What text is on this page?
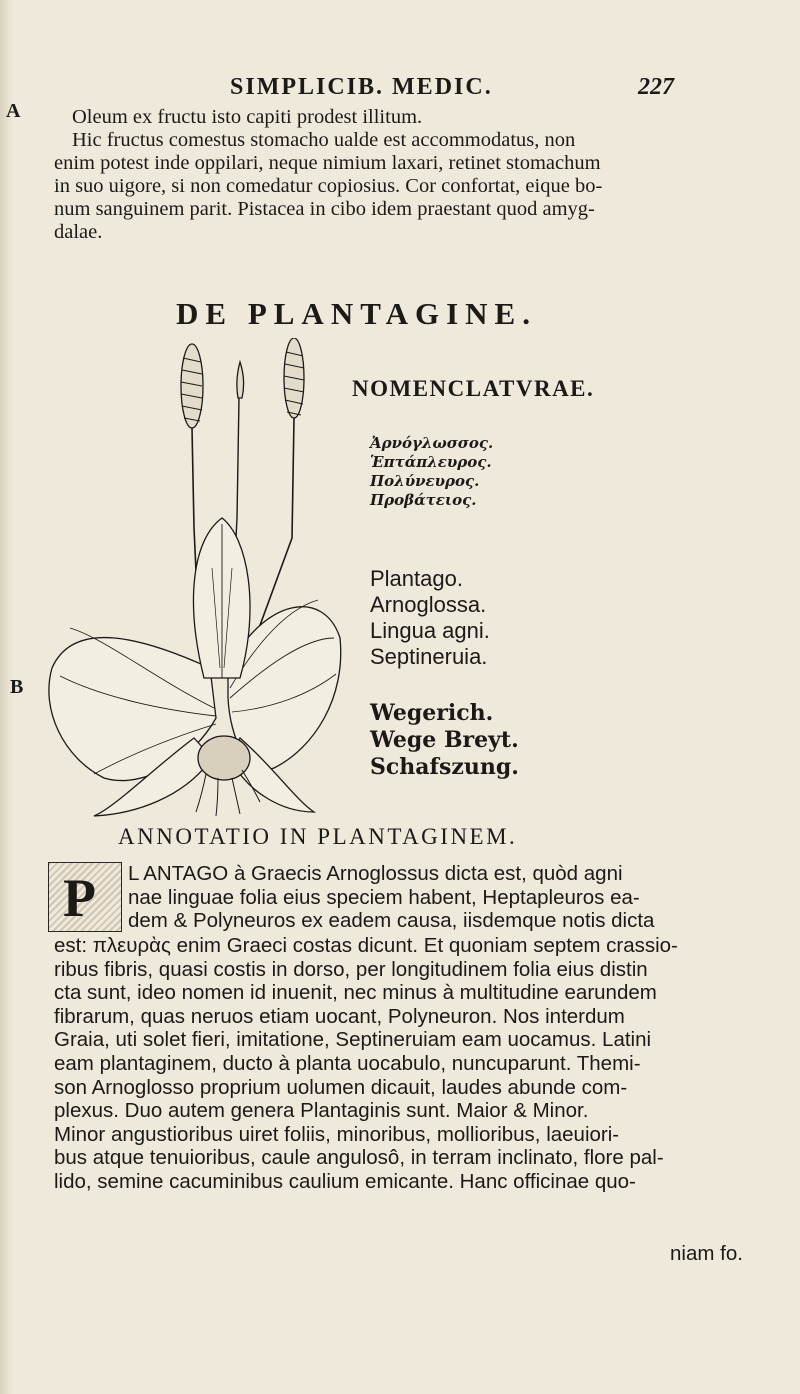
A
B
SIMPLICIB. MEDIC.	227

Oleum ex fructu isto capiti prodest illitum.

Hic fructus comestus stomacho ualde est accommodatus, non

enim potest inde oppilari, neque nimium laxari, retinet stomachum

in suo uigore, si non comedatur copiosius. Cor confortat, eique bo-

num sanguinem parit. Pistacea in cibo idem praestant quod amyg-

dalae.

DE PLANTAGINE.
NOMENCLATVRAE.
Ἀρνόγλωσσος.
Ἑπτάπλευρος.
Πολύνευρος.
Προβάτειος.
Plantago.
Arnoglossa.
Lingua agni.
Septineruia.
Wegerich.
Wege Breyt.
Schafszung.
ANNOTATIO IN PLANTAGINEM.
P L ANTAGO à Graecis Arnoglossus dicta est, quòd agni

nae linguae folia eius speciem habent, Heptapleuros ea-

dem & Polyneuros ex eadem causa, iisdemque notis dicta

est: πλευρὰς enim Graeci costas dicunt. Et quoniam septem crassio-

ribus fibris, quasi costis in dorso, per longitudinem folia eius distin

cta sunt, ideo nomen id inuenit, nec minus à multitudine earundem

fibrarum, quas neruos etiam uocant, Polyneuron. Nos interdum

Graia, uti solet fieri, imitatione, Septineruiam eam uocamus. Latini

eam plantaginem, ducto à planta uocabulo, nuncuparunt. Themi-

son Arnoglosso proprium uolumen dicauit, laudes abunde com-

plexus. Duo autem genera Plantaginis sunt. Maior & Minor.

Minor angustioribus uiret foliis, minoribus, mollioribus, laeuiori-

bus atque tenuioribus, caule angulosô, in terram inclinato, flore pal-

lido, semine cacuminibus caulium emicante. Hanc officinae quo-

niam fo.
